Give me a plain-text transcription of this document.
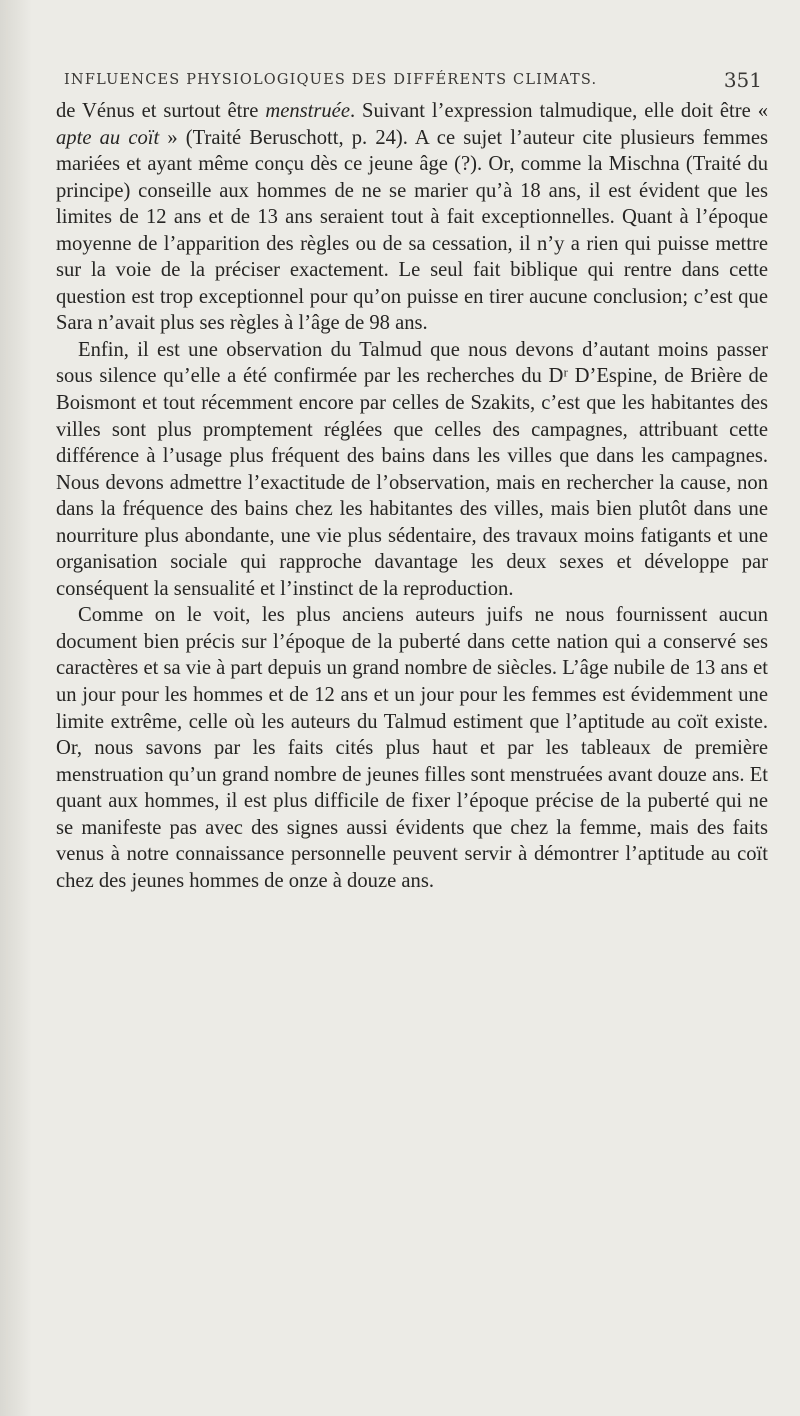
INFLUENCES PHYSIOLOGIQUES DES DIFFÉRENTS CLIMATS.	351

de Vénus et surtout être menstruée. Suivant l’expression talmudique, elle doit être « apte au coït » (Traité Beruschott, p. 24). A ce sujet l’auteur cite plusieurs femmes mariées et ayant même conçu dès ce jeune âge (?). Or, comme la Mischna (Traité du principe) conseille aux hommes de ne se marier qu’à 18 ans, il est évident que les limites de 12 ans et de 13 ans seraient tout à fait exceptionnelles. Quant à l’époque moyenne de l’apparition des règles ou de sa cessation, il n’y a rien qui puisse mettre sur la voie de la préciser exactement. Le seul fait biblique qui rentre dans cette question est trop exceptionnel pour qu’on puisse en tirer aucune conclusion; c’est que Sara n’avait plus ses règles à l’âge de 98 ans.

Enfin, il est une observation du Talmud que nous devons d’autant moins passer sous silence qu’elle a été confirmée par les recherches du Dʳ D’Espine, de Brière de Boismont et tout récemment encore par celles de Szakits, c’est que les habitantes des villes sont plus promptement réglées que celles des campagnes, attribuant cette différence à l’usage plus fréquent des bains dans les villes que dans les campagnes. Nous devons admettre l’exactitude de l’observation, mais en rechercher la cause, non dans la fréquence des bains chez les habitantes des villes, mais bien plutôt dans une nourriture plus abondante, une vie plus sédentaire, des travaux moins fatigants et une organisation sociale qui rapproche davantage les deux sexes et développe par conséquent la sensualité et l’instinct de la reproduction.

Comme on le voit, les plus anciens auteurs juifs ne nous fournissent aucun document bien précis sur l’époque de la puberté dans cette nation qui a conservé ses caractères et sa vie à part depuis un grand nombre de siècles. L’âge nubile de 13 ans et un jour pour les hommes et de 12 ans et un jour pour les femmes est évidemment une limite extrême, celle où les auteurs du Talmud estiment que l’aptitude au coït existe. Or, nous savons par les faits cités plus haut et par les tableaux de première menstruation qu’un grand nombre de jeunes filles sont menstruées avant douze ans. Et quant aux hommes, il est plus difficile de fixer l’époque précise de la puberté qui ne se manifeste pas avec des signes aussi évidents que chez la femme, mais des faits venus à notre connaissance personnelle peuvent servir à démontrer l’aptitude au coït chez des jeunes hommes de onze à douze ans.
